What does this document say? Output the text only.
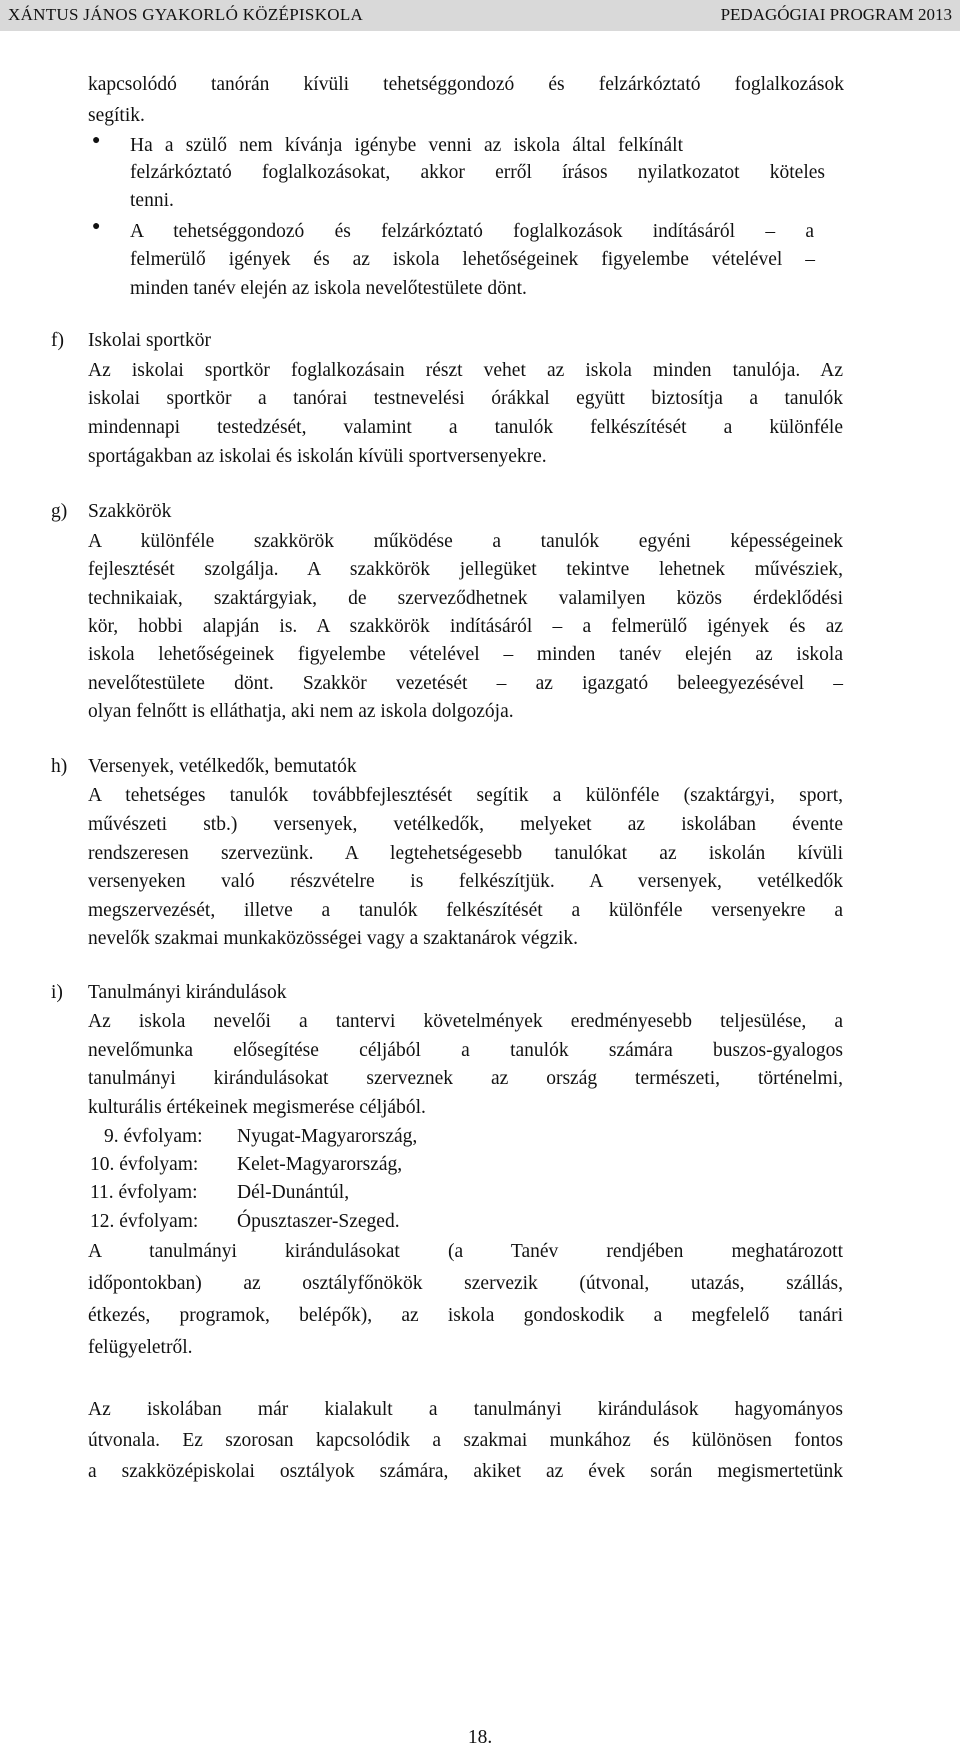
XÁNTUS JÁNOS GYAKORLÓ KÖZÉPISKOLA	PEDAGÓGIAI PROGRAM 2013
kapcsolódó tanórán kívüli tehetséggondozó és felzárkóztató foglalkozások
segítik.
● Ha a szülő nem kívánja igénybe venni az iskola által felkínált
felzárkóztató foglalkozásokat, akkor erről írásos nyilatkozatot köteles
tenni.
● A tehetséggondozó és felzárkóztató foglalkozások indításáról – a
felmerülő igények és az iskola lehetőségeinek figyelembe vételével –
minden tanév elején az iskola nevelőtestülete dönt.
f) Iskolai sportkör
Az iskolai sportkör foglalkozásain részt vehet az iskola minden tanulója. Az
iskolai sportkör a tanórai testnevelési órákkal együtt biztosítja a tanulók
mindennapi testedzését, valamint a tanulók felkészítését a különféle
sportágakban az iskolai és iskolán kívüli sportversenyekre.
g) Szakkörök
A különféle szakkörök működése a tanulók egyéni képességeinek
fejlesztését szolgálja. A szakkörök jellegüket tekintve lehetnek művésziek,
technikaiak, szaktárgyiak, de szerveződhetnek valamilyen közös érdeklődési
kör, hobbi alapján is. A szakkörök indításáról – a felmerülő igények és az
iskola lehetőségeinek figyelembe vételével – minden tanév elején az iskola
nevelőtestülete dönt. Szakkör vezetését – az igazgató beleegyezésével –
olyan felnőtt is elláthatja, aki nem az iskola dolgozója.
h) Versenyek, vetélkedők, bemutatók
A tehetséges tanulók továbbfejlesztését segítik a különféle (szaktárgyi, sport,
művészeti stb.) versenyek, vetélkedők, melyeket az iskolában évente
rendszeresen szervezünk. A legtehetségesebb tanulókat az iskolán kívüli
versenyeken való részvételre is felkészítjük. A versenyek, vetélkedők
megszervezését, illetve a tanulók felkészítését a különféle versenyekre a
nevelők szakmai munkaközösségei vagy a szaktanárok végzik.
i) Tanulmányi kirándulások
Az iskola nevelői a tantervi követelmények eredményesebb teljesülése, a
nevelőmunka elősegítése céljából a tanulók számára buszos-gyalogos
tanulmányi kirándulásokat szerveznek az ország természeti, történelmi,
kulturális értékeinek megismerése céljából.
9. évfolyam: Nyugat-Magyarország,
10. évfolyam: Kelet-Magyarország,
11. évfolyam: Dél-Dunántúl,
12. évfolyam: Ópusztaszer-Szeged.
A tanulmányi kirándulásokat (a Tanév rendjében meghatározott
időpontokban) az osztályfőnökök szervezik (útvonal, utazás, szállás,
étkezés, programok, belépők), az iskola gondoskodik a megfelelő tanári
felügyeletről.
Az iskolában már kialakult a tanulmányi kirándulások hagyományos
útvonala. Ez szorosan kapcsolódik a szakmai munkához és különösen fontos
a szakközépiskolai osztályok számára, akiket az évek során megismertetünk
18.
